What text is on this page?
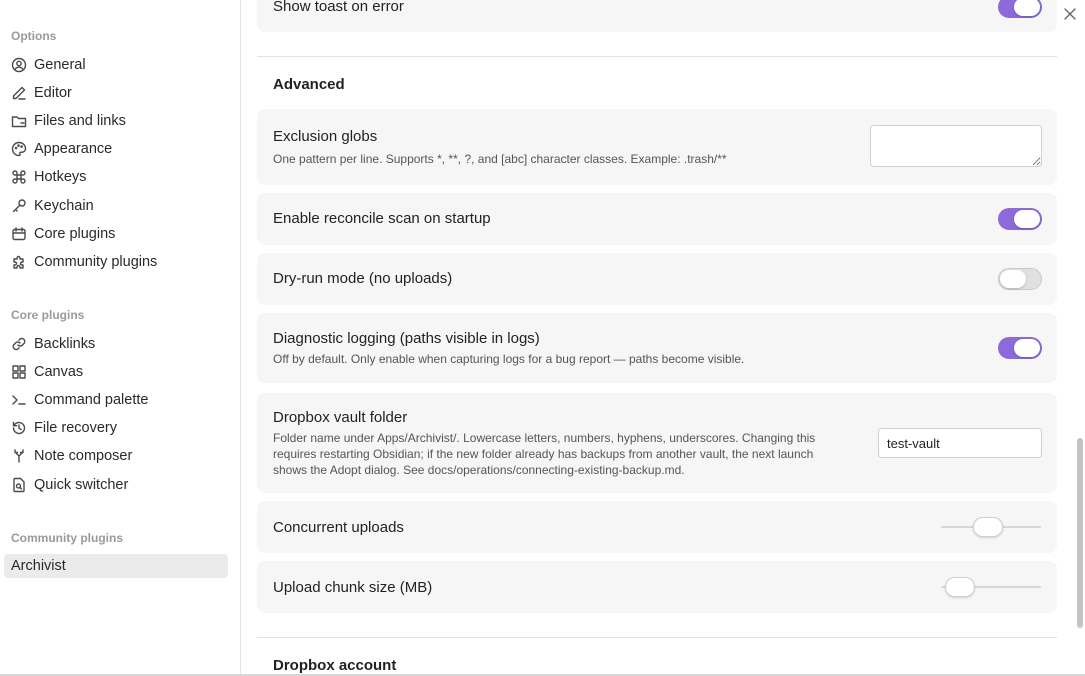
Options
General
Editor
Files and links
Appearance
Hotkeys
Keychain
Core plugins
Community plugins
Core plugins
Backlinks
Canvas
Command palette
File recovery
Note composer
Quick switcher
Community plugins
Archivist
Show toast on error
Advanced
Exclusion globs
One pattern per line. Supports *, **, ?, and [abc] character classes. Example: .trash/**
Enable reconcile scan on startup
Dry-run mode (no uploads)
Diagnostic logging (paths visible in logs)
Off by default. Only enable when capturing logs for a bug report — paths become visible.
Dropbox vault folder
Folder name under Apps/Archivist/. Lowercase letters, numbers, hyphens, underscores. Changing this
requires restarting Obsidian; if the new folder already has backups from another vault, the next launch
shows the Adopt dialog. See docs/operations/connecting-existing-backup.md.
test-vault
Concurrent uploads
Upload chunk size (MB)
Dropbox account
